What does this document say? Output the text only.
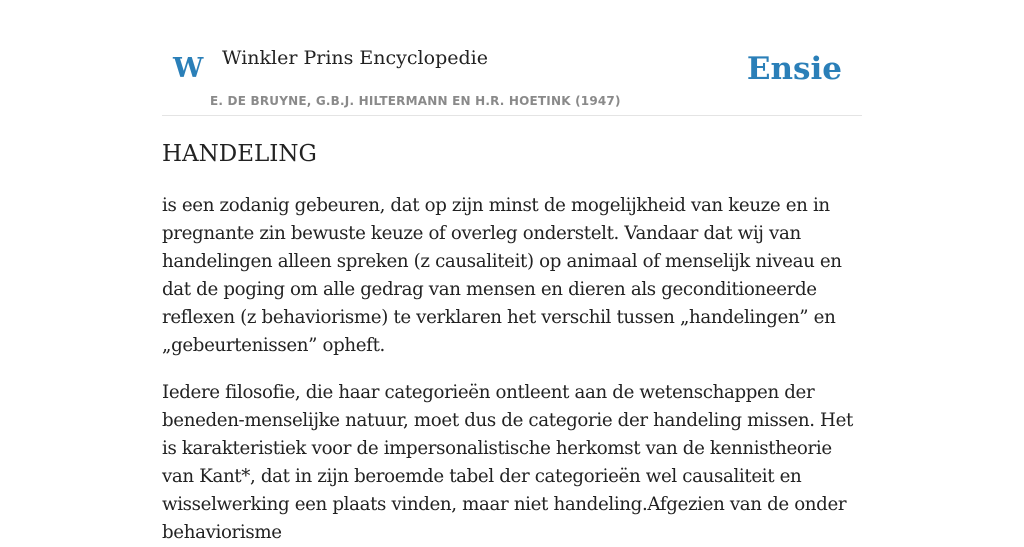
W Winkler Prins Encyclopedie
E. DE BRUYNE, G.B.J. HILTERMANN EN H.R. HOETINK (1947)
Ensie
HANDELING

is een zodanig gebeuren, dat op zijn minst de mogelijkheid van keuze en in pregnante zin bewuste keuze of overleg onderstelt. Vandaar dat wij van handelingen alleen spreken (z causaliteit) op animaal of menselijk niveau en dat de poging om alle gedrag van mensen en dieren als geconditioneerde reflexen (z behaviorisme) te verklaren het verschil tussen „handelingen” en „gebeurtenissen” opheft.

Iedere filosofie, die haar categorieën ontleent aan de wetenschappen der beneden-menselijke natuur, moet dus de categorie der handeling missen. Het is karakteristiek voor de impersonalistische herkomst van de kennistheorie van Kant*, dat in zijn beroemde tabel der categorieën wel causaliteit en wisselwerking een plaats vinden, maar niet handeling.Afgezien van de onder behaviorisme
